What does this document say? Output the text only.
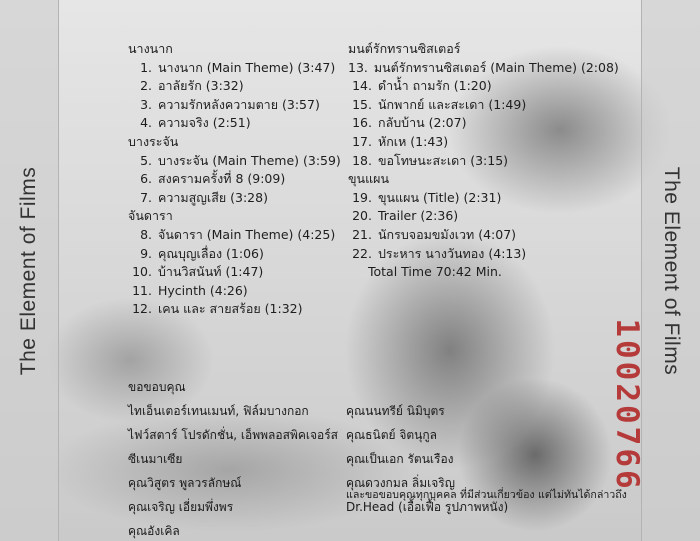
The Element of Films	The Element of Films
10020766
นางนาก
1. นางนาก (Main Theme) (3:47)
2. อาลัยรัก (3:32)
3. ความรักหลังความตาย (3:57)
4. ความจริง (2:51)
บางระจัน
5. บางระจัน (Main Theme) (3:59)
6. สงครามครั้งที่ 8 (9:09)
7. ความสูญเสีย (3:28)
จันดารา
8. จันดารา (Main Theme) (4:25)
9. คุณบุญเลื่อง (1:06)
10. บ้านวิสนันท์ (1:47)
11. Hycinth (4:26)
12. เคน และ สายสร้อย (1:32)
มนต์รักทรานซิสเตอร์
13. มนต์รักทรานซิสเตอร์ (Main Theme) (2:08)
14. ดำน้ำ ถามรัก (1:20)
15. นักพากย์ และสะเดา (1:49)
16. กลับบ้าน (2:07)
17. หักเห (1:43)
18. ขอโทษนะสะเดา (3:15)
ขุนแผน
19. ขุนแผน (Title) (2:31)
20. Trailer (2:36)
21. นักรบจอมขมังเวท (4:07)
22. ประหาร นางวันทอง (4:13)
Total Time 70:42 Min.
ขอขอบคุณ
ไทเอ็นเตอร์เทนเมนท์, ฟิล์มบางกอก
ไฟว์สตาร์ โปรดักชั่น, เอ็พพลอสพิคเจอร์ส
ซีเนมาเซีย
คุณวิสูตร พูลวรลักษณ์
คุณเจริญ เอี่ยมพึ่งพร
คุณอังเคิล
คุณนนทรีย์ นิมิบุตร
คุณธนิตย์ จิตนุกูล
คุณเป็นเอก รัตนเรือง
คุณดวงกมล ลิ่มเจริญ
Dr.Head (เอื้อเฟื้อ รูปภาพหนัง)
และขอขอบคุณทุกบุคคล ที่มีส่วนเกี่ยวข้อง แต่ไม่ทันได้กล่าวถึง
